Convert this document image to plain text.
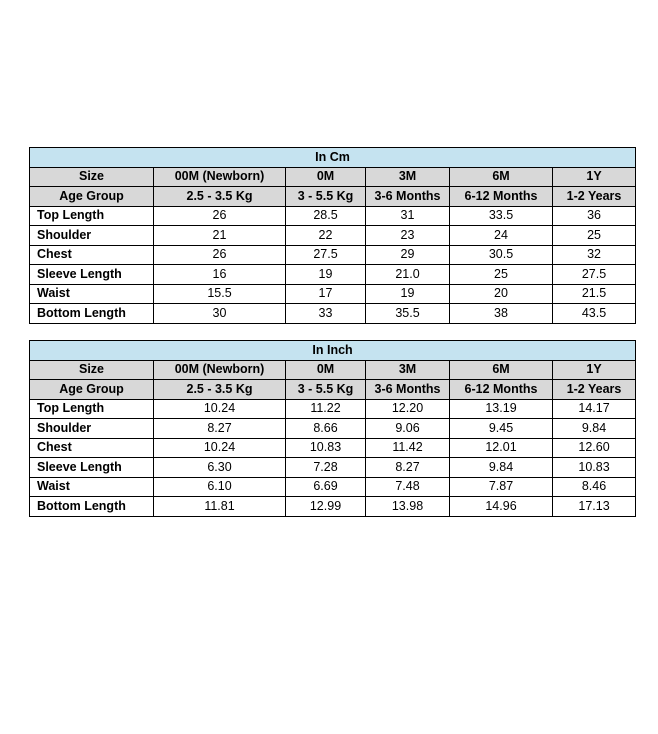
In Cm					
Size	00M (Newborn)	0M	3M	6M	1Y
Age Group	2.5 - 3.5 Kg	3 - 5.5 Kg	3-6 Months	6-12 Months	1-2 Years
Top Length	26	28.5	31	33.5	36
Shoulder	21	22	23	24	25
Chest	26	27.5	29	30.5	32
Sleeve Length	16	19	21.0	25	27.5
Waist	15.5	17	19	20	21.5
Bottom Length	30	33	35.5	38	43.5
In Inch					
Size	00M (Newborn)	0M	3M	6M	1Y
Age Group	2.5 - 3.5 Kg	3 - 5.5 Kg	3-6 Months	6-12 Months	1-2 Years
Top Length	10.24	11.22	12.20	13.19	14.17
Shoulder	8.27	8.66	9.06	9.45	9.84
Chest	10.24	10.83	11.42	12.01	12.60
Sleeve Length	6.30	7.28	8.27	9.84	10.83
Waist	6.10	6.69	7.48	7.87	8.46
Bottom Length	11.81	12.99	13.98	14.96	17.13
